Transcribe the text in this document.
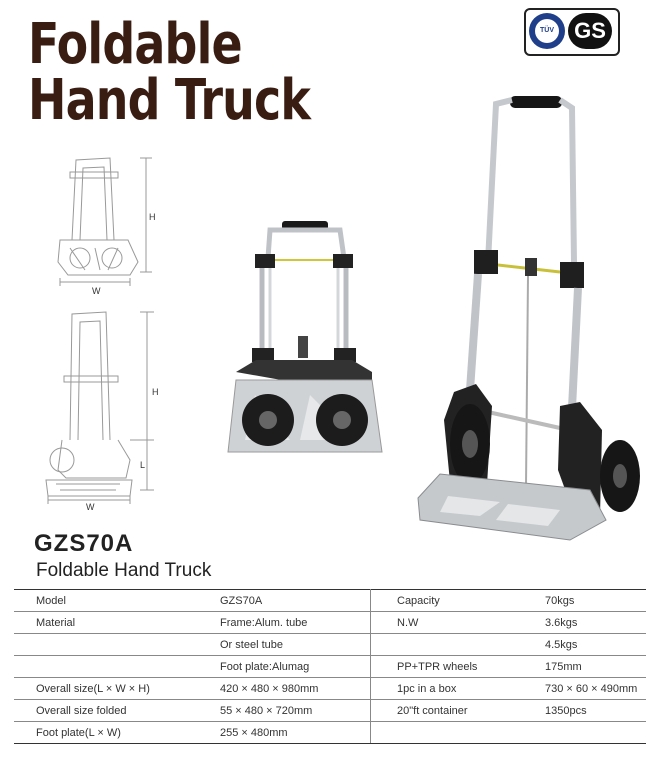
Foldable
Hand Truck
TÜV GS
H
W
H
L
W
GZS70A
Foldable Hand Truck
Model	GZS70A	Capacity	70kgs
Material	Frame:Alum. tube	N.W	3.6kgs
	Or steel tube		4.5kgs
	Foot plate:Alumag	PP+TPR wheels	175mm
Overall size(L × W × H)	420 × 480 × 980mm	1pc in a box	730 × 60 × 490mm
Overall size folded	55 × 480 × 720mm	20"ft container	1350pcs
Foot plate(L × W)	255 × 480mm		
